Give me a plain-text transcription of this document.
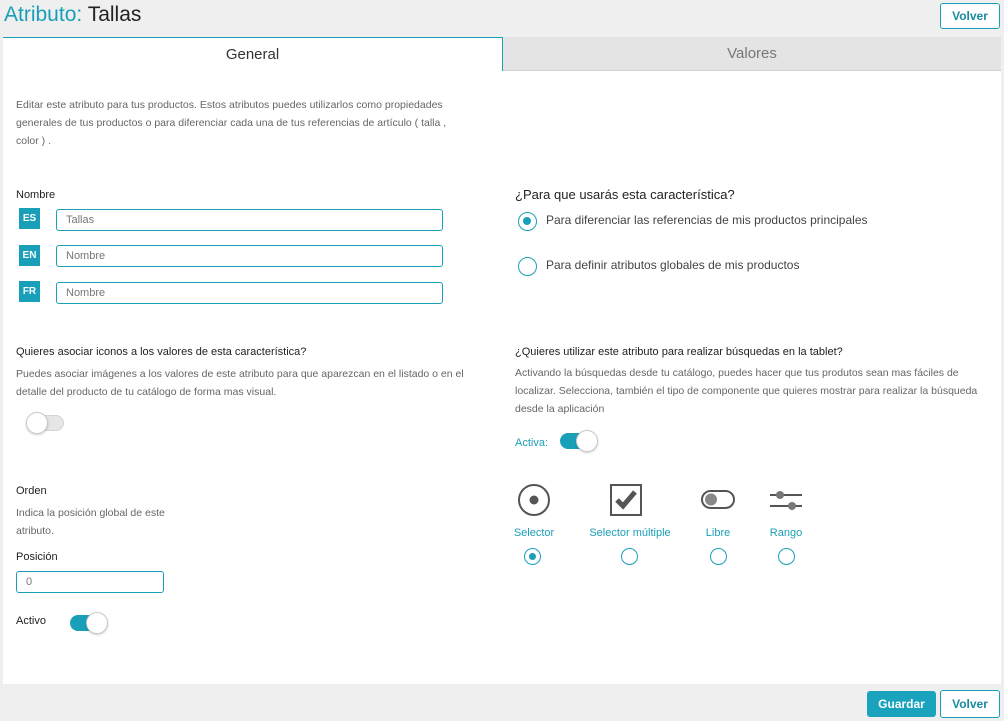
Atributo: Tallas	Volver
General	Valores
Editar este atributo para tus productos. Estos atributos puedes utilizarlos como propiedades
generales de tus productos o para diferenciar cada una de tus referencias de artículo ( talla ,
color ) .
Nombre
ES	Tallas
EN	Nombre
FR	Nombre
¿Para que usarás esta característica?
Para diferenciar las referencias de mis productos principales
Para definir atributos globales de mis productos
Quieres asociar iconos a los valores de esta característica?
Puedes asociar imágenes a los valores de este atributo para que aparezcan en el listado o en el
detalle del producto de tu catálogo de forma mas visual.
¿Quieres utilizar este atributo para realizar búsquedas en la tablet?
Activando la búsquedas desde tu catálogo, puedes hacer que tus produtos sean mas fáciles de
localizar. Selecciona, también el tipo de componente que quieres mostrar para realizar la búsqueda
desde la aplicación
Activa:
Selector	Selector múltiple	Libre	Rango
Orden
Indica la posición global de este
atributo.
Posición
0
Activo
Guardar	Volver
